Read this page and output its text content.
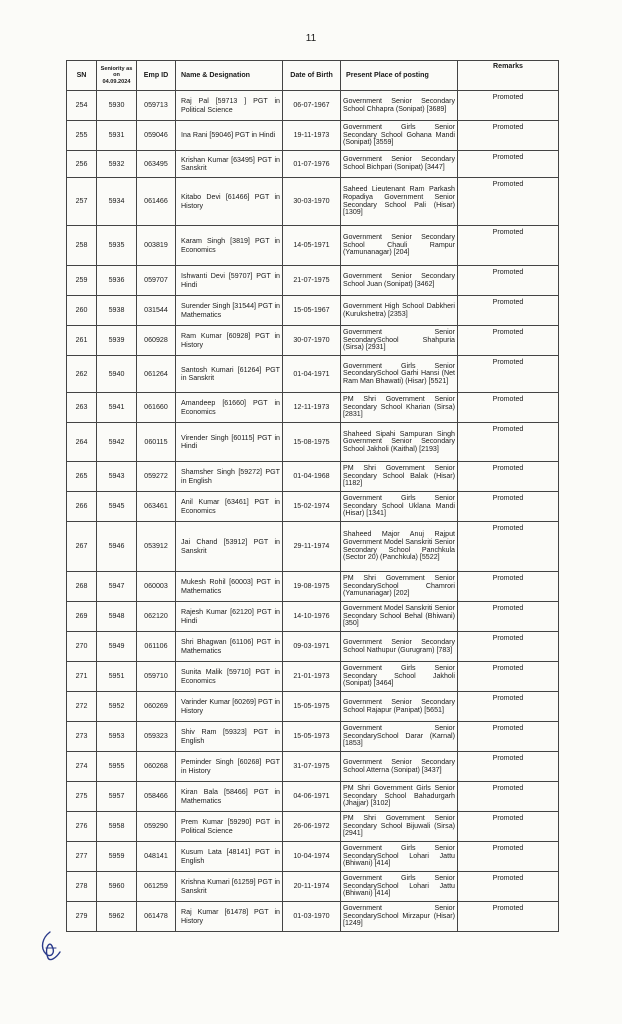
11
SN	Seniority as on 04.09.2024	Emp ID	Name & Designation	Date of Birth	Present Place of posting	Remarks
254	5930	059713	Raj Pal [59713 ] PGT in Political Science	06-07-1967	Government Senior Secondary School Chhapra (Sonipat) [3689]	Promoted
255	5931	059046	Ina Rani [59046] PGT in Hindi	19-11-1973	Government Girls Senior Secondary School Gohana Mandi (Sonipat) [3559]	Promoted
256	5932	063495	Krishan Kumar [63495] PGT in Sanskrit	01-07-1976	Government Senior Secondary School Bichpari (Sonipat) [3447]	Promoted
257	5934	061466	Kitabo Devi [61466] PGT in History	30-03-1970	Saheed Lieutenant Ram Parkash Ropadiya Government Senior Secondary School Pali (Hisar) [1309]	Promoted
258	5935	003819	Karam Singh [3819] PGT in Economics	14-05-1971	Government Senior Secondary School Chauli Rampur (Yamunanagar) [204]	Promoted
259	5936	059707	Ishwanti Devi [59707] PGT in Hindi	21-07-1975	Government Senior Secondary School Juan (Sonipat) [3462]	Promoted
260	5938	031544	Surender Singh [31544] PGT in Mathematics	15-05-1967	Government High School Dabkheri (Kurukshetra) [2353]	Promoted
261	5939	060928	Ram Kumar [60928] PGT in History	30-07-1970	Government Senior SecondarySchool Shahpuria (Sirsa) [2931]	Promoted
262	5940	061264	Santosh Kumari [61264] PGT in Sanskrit	01-04-1971	Government Girls Senior SecondarySchool Garhi Hansi (Net Ram Man Bhawati) (Hisar) [5521]	Promoted
263	5941	061660	Amandeep [61660] PGT in Economics	12-11-1973	PM Shri Government Senior Secondary School Kharian (Sirsa) [2831]	Promoted
264	5942	060115	Virender Singh [60115] PGT in Hindi	15-08-1975	Shaheed Sipahi Sampuran Singh Government Senior Secondary School Jakholi (Kaithal) [2193]	Promoted
265	5943	059272	Shamsher Singh [59272] PGT in English	01-04-1968	PM Shri Government Senior Secondary School Balak (Hisar) [1182]	Promoted
266	5945	063461	Anil Kumar [63461] PGT in Economics	15-02-1974	Government Girls Senior Secondary School Uklana Mandi (Hisar) [1341]	Promoted
267	5946	053912	Jai Chand [53912] PGT in Sanskrit	29-11-1974	Shaheed Major Anuj Rajput Government Model Sanskriti Senior Secondary School Panchkula (Sector 20) (Panchkula) [5522]	Promoted
268	5947	060003	Mukesh Rohil [60003] PGT in Mathematics	19-08-1975	PM Shri Government Senior SecondarySchool Chamrori (Yamunanagar) [202]	Promoted
269	5948	062120	Rajesh Kumar [62120] PGT in Hindi	14-10-1976	Government Model Sanskriti Senior Secondary School Behal (Bhiwani) [350]	Promoted
270	5949	061106	Shri Bhagwan [61106] PGT in Mathematics	09-03-1971	Government Senior Secondary School Nathupur (Gurugram) [783]	Promoted
271	5951	059710	Sunita Malik [59710] PGT in Economics	21-01-1973	Government Girls Senior Secondary School Jakholi (Sonipat) [3464]	Promoted
272	5952	060269	Varinder Kumar [60269] PGT in History	15-05-1975	Government Senior Secondary School Rajapur (Panipat) [5651]	Promoted
273	5953	059323	Shiv Ram [59323] PGT in English	15-05-1973	Government Senior SecondarySchool Darar (Karnal) [1853]	Promoted
274	5955	060268	Peminder Singh [60268] PGT in History	31-07-1975	Government Senior Secondary School Atterna (Sonipat) [3437]	Promoted
275	5957	058466	Kiran Bala [58466] PGT in Mathematics	04-06-1971	PM Shri Government Girls Senior Secondary School Bahadurgarh (Jhajjar) [3102]	Promoted
276	5958	059290	Prem Kumar [59290] PGT in Political Science	26-06-1972	PM Shri Government Senior Secondary School Bijuwali (Sirsa) [2941]	Promoted
277	5959	048141	Kusum Lata [48141] PGT in English	10-04-1974	Government Girls Senior SecondarySchool Lohari Jattu (Bhiwani) [414]	Promoted
278	5960	061259	Krishna Kumari [61259] PGT in Sanskrit	20-11-1974	Government Girls Senior SecondarySchool Lohari Jattu (Bhiwani) [414]	Promoted
279	5962	061478	Raj Kumar [61478] PGT in History	01-03-1970	Government Senior SecondarySchool Mirzapur (Hisar) [1249]	Promoted
